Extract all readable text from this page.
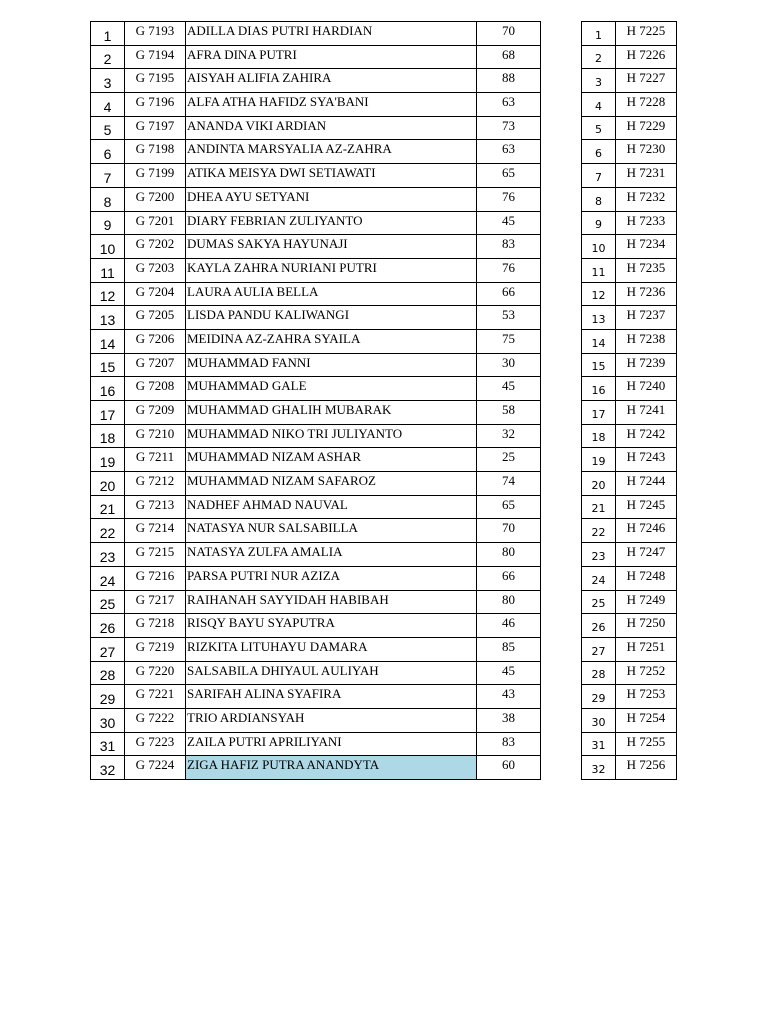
1	G 7193	ADILLA DIAS PUTRI HARDIAN	70
2	G 7194	AFRA DINA PUTRI	68
3	G 7195	AISYAH ALIFIA ZAHIRA	88
4	G 7196	ALFA ATHA HAFIDZ SYA'BANI	63
5	G 7197	ANANDA VIKI ARDIAN	73
6	G 7198	ANDINTA MARSYALIA AZ-ZAHRA	63
7	G 7199	ATIKA MEISYA DWI SETIAWATI	65
8	G 7200	DHEA AYU SETYANI	76
9	G 7201	DIARY FEBRIAN ZULIYANTO	45
10	G 7202	DUMAS SAKYA HAYUNAJI	83
11	G 7203	KAYLA ZAHRA NURIANI PUTRI	76
12	G 7204	LAURA AULIA BELLA	66
13	G 7205	LISDA PANDU KALIWANGI	53
14	G 7206	MEIDINA AZ-ZAHRA SYAILA	75
15	G 7207	MUHAMMAD FANNI	30
16	G 7208	MUHAMMAD GALE	45
17	G 7209	MUHAMMAD GHALIH MUBARAK	58
18	G 7210	MUHAMMAD NIKO TRI JULIYANTO	32
19	G 7211	MUHAMMAD NIZAM ASHAR	25
20	G 7212	MUHAMMAD NIZAM SAFAROZ	74
21	G 7213	NADHEF AHMAD NAUVAL	65
22	G 7214	NATASYA NUR SALSABILLA	70
23	G 7215	NATASYA ZULFA AMALIA	80
24	G 7216	PARSA PUTRI NUR AZIZA	66
25	G 7217	RAIHANAH SAYYIDAH HABIBAH	80
26	G 7218	RISQY BAYU SYAPUTRA	46
27	G 7219	RIZKITA LITUHAYU DAMARA	85
28	G 7220	SALSABILA DHIYAUL AULIYAH	45
29	G 7221	SARIFAH ALINA SYAFIRA	43
30	G 7222	TRIO ARDIANSYAH	38
31	G 7223	ZAILA PUTRI APRILIYANI	83
32	G 7224	ZIGA HAFIZ PUTRA ANANDYTA	60
1	H 7225
2	H 7226
3	H 7227
4	H 7228
5	H 7229
6	H 7230
7	H 7231
8	H 7232
9	H 7233
10	H 7234
11	H 7235
12	H 7236
13	H 7237
14	H 7238
15	H 7239
16	H 7240
17	H 7241
18	H 7242
19	H 7243
20	H 7244
21	H 7245
22	H 7246
23	H 7247
24	H 7248
25	H 7249
26	H 7250
27	H 7251
28	H 7252
29	H 7253
30	H 7254
31	H 7255
32	H 7256
